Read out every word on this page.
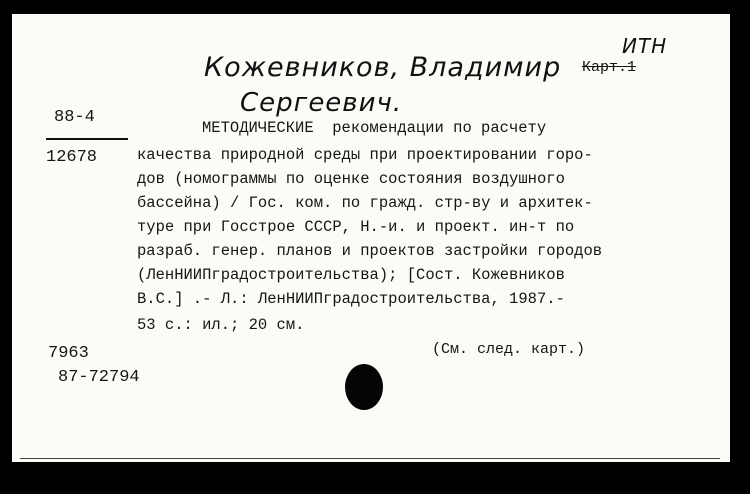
ИТН
Кожевников, Владимир Карт.1
Сергеевич.
88-4
12678
МЕТОДИЧЕСКИЕ  рекомендации по расчету
качества природной среды при проектировании горо-
дов (номограммы по оценке состояния воздушного
бассейна) / Гос. ком. по гражд. стр-ву и архитек-
туре при Госстрое СССР, Н.-и. и проект. ин-т по
разраб. генер. планов и проектов застройки городов
(ЛенНИИПградостроительства); [Сост. Кожевников
В.С.] .- Л.: ЛенНИИПградостроительства, 1987.-
53 с.: ил.; 20 см.
7963
87-72794
(См. след. карт.)
